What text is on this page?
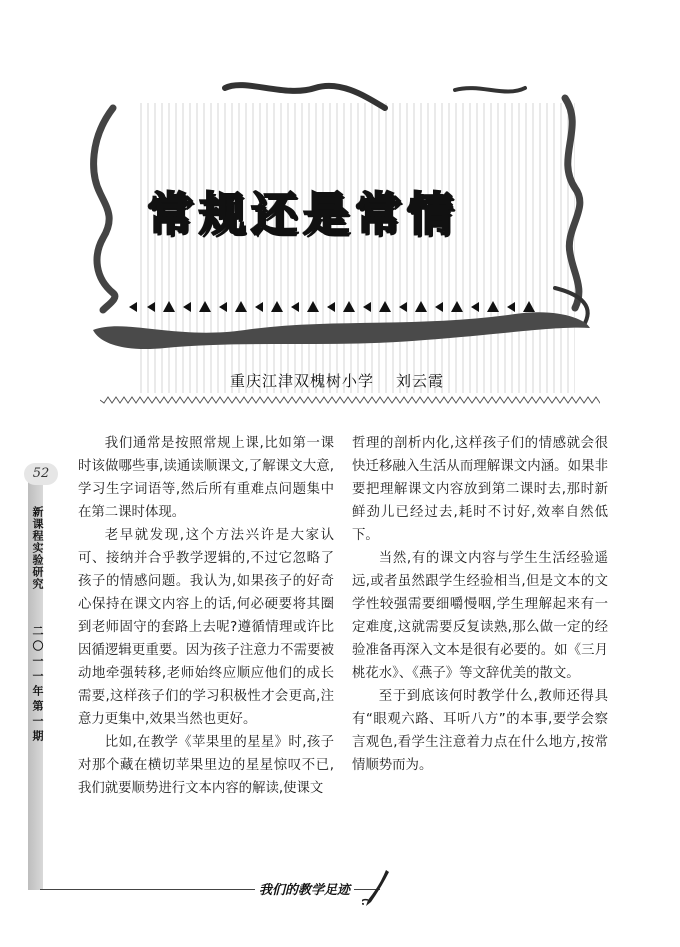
52
新课程实验研究
二〇一一年第一期
常规还是常情
重庆江津双槐树小学 刘云霞

我们通常是按照常规上课,比如第一课时该做哪些事,读通读顺课文,了解课文大意,学习生字词语等,然后所有重难点问题集中在第二课时体现。

老早就发现,这个方法兴许是大家认可、接纳并合乎教学逻辑的,不过它忽略了孩子的情感问题。我认为,如果孩子的好奇心保持在课文内容上的话,何必硬要将其圈到老师固守的套路上去呢?遵循情理或许比因循逻辑更重要。因为孩子注意力不需要被动地牵强转移,老师始终应顺应他们的成长需要,这样孩子们的学习积极性才会更高,注意力更集中,效果当然也更好。

比如,在教学《苹果里的星星》时,孩子对那个藏在横切苹果里边的星星惊叹不已,我们就要顺势进行文本内容的解读,使课文

哲理的剖析内化,这样孩子们的情感就会很快迁移融入生活从而理解课文内涵。如果非要把理解课文内容放到第二课时去,那时新鲜劲儿已经过去,耗时不讨好,效率自然低下。

当然,有的课文内容与学生生活经验遥远,或者虽然跟学生经验相当,但是文本的文学性较强需要细嚼慢咽,学生理解起来有一定难度,这就需要反复读熟,那么做一定的经验准备再深入文本是很有必要的。如《三月桃花水》、《燕子》等文辞优美的散文。

至于到底该何时教学什么,教师还得具有“眼观六路、耳听八方”的本事,要学会察言观色,看学生注意着力点在什么地方,按常情顺势而为。

我们的教学足迹
